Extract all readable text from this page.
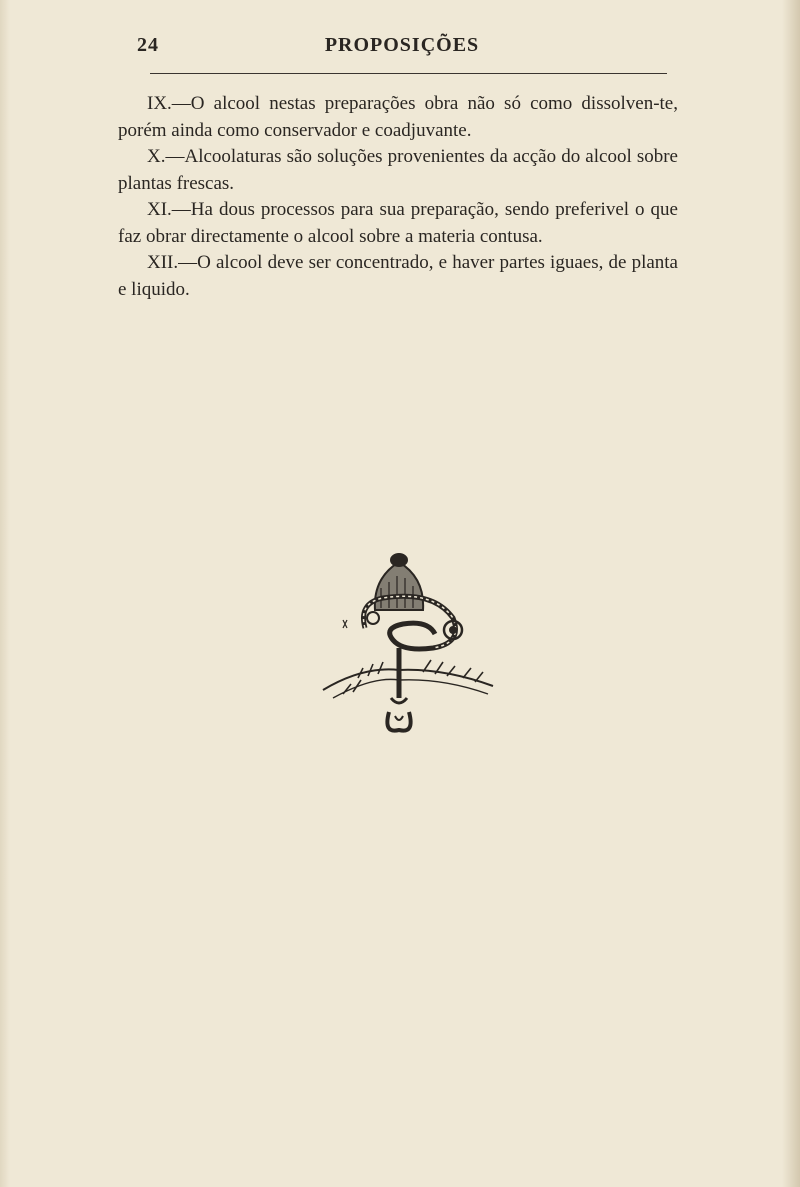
24	PROPOSIÇÕES

IX.—O alcool nestas preparações obra não só como dissolven-te, porém ainda como conservador e coadjuvante.

X.—Alcoolaturas são soluções provenientes da acção do alcool sobre plantas frescas.

XI.—Ha dous processos para sua preparação, sendo preferivel o que faz obrar directamente o alcool sobre a materia contusa.

XII.—O alcool deve ser concentrado, e haver partes iguaes, de planta e liquido.
